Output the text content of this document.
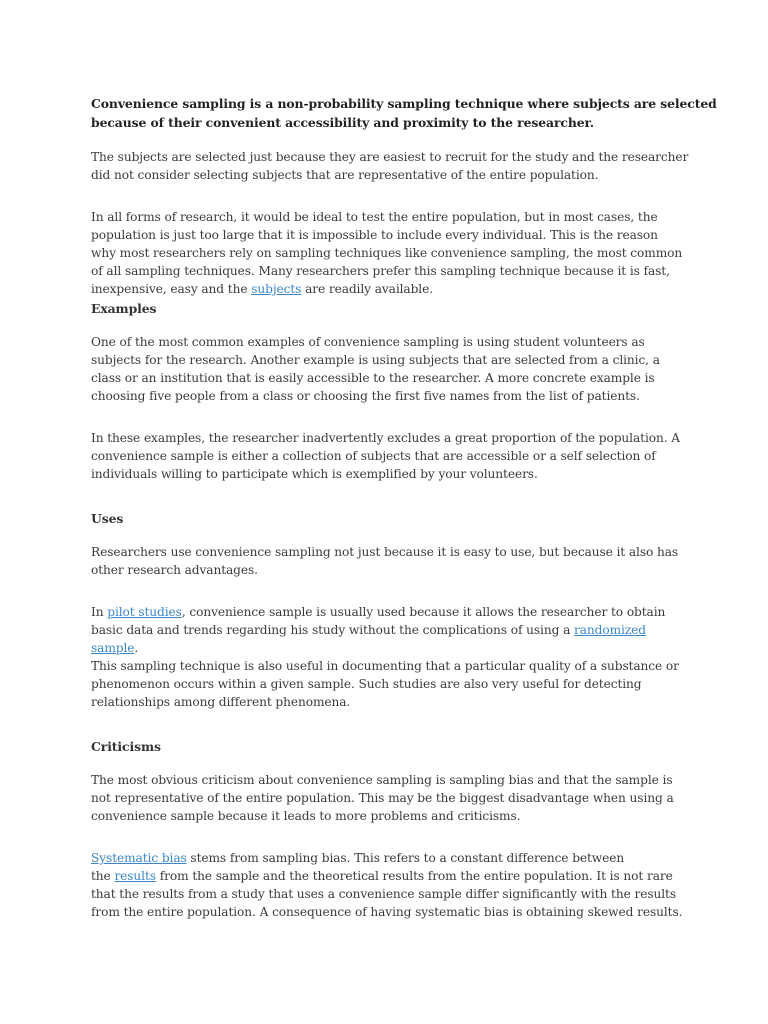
Convenience sampling is a non-probability sampling technique where subjects are selected
because of their convenient accessibility and proximity to the researcher.
The subjects are selected just because they are easiest to recruit for the study and the researcher
did not consider selecting subjects that are representative of the entire population.
In all forms of research, it would be ideal to test the entire population, but in most cases, the
population is just too large that it is impossible to include every individual. This is the reason
why most researchers rely on sampling techniques like convenience sampling, the most common
of all sampling techniques. Many researchers prefer this sampling technique because it is fast,
inexpensive, easy and the subjects are readily available.
Examples
One of the most common examples of convenience sampling is using student volunteers as
subjects for the research. Another example is using subjects that are selected from a clinic, a
class or an institution that is easily accessible to the researcher. A more concrete example is
choosing five people from a class or choosing the first five names from the list of patients.
In these examples, the researcher inadvertently excludes a great proportion of the population. A
convenience sample is either a collection of subjects that are accessible or a self selection of
individuals willing to participate which is exemplified by your volunteers.
Uses
Researchers use convenience sampling not just because it is easy to use, but because it also has
other research advantages.
In pilot studies, convenience sample is usually used because it allows the researcher to obtain
basic data and trends regarding his study without the complications of using a randomized
sample.
This sampling technique is also useful in documenting that a particular quality of a substance or
phenomenon occurs within a given sample. Such studies are also very useful for detecting
relationships among different phenomena.
Criticisms
The most obvious criticism about convenience sampling is sampling bias and that the sample is
not representative of the entire population. This may be the biggest disadvantage when using a
convenience sample because it leads to more problems and criticisms.
Systematic bias stems from sampling bias. This refers to a constant difference between
the results from the sample and the theoretical results from the entire population. It is not rare
that the results from a study that uses a convenience sample differ significantly with the results
from the entire population. A consequence of having systematic bias is obtaining skewed results.
